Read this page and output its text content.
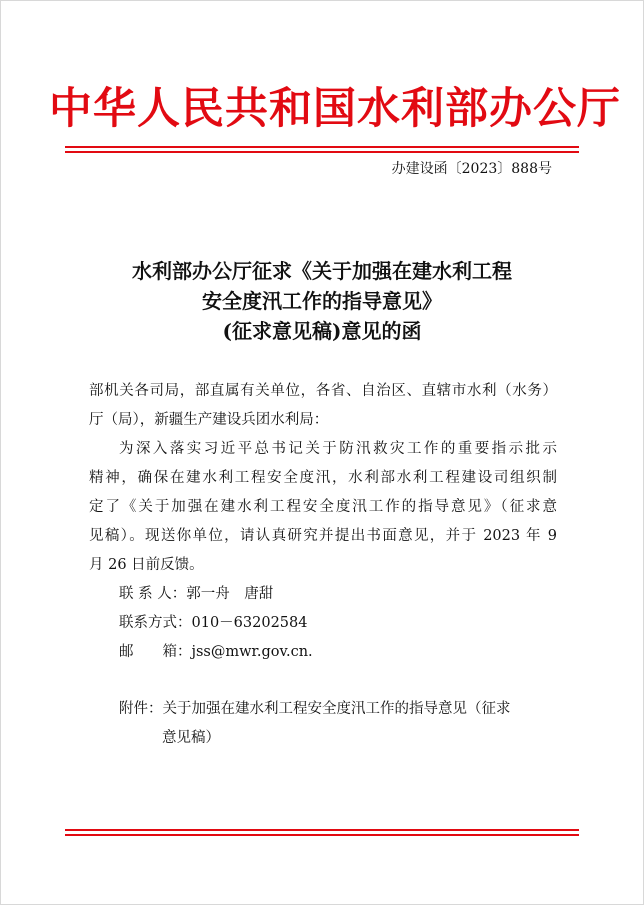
中华人民共和国水利部办公厅
办建设函〔2023〕888号
水利部办公厅征求《关于加强在建水利工程
安全度汛工作的指导意见》
(征求意见稿)意见的函
部机关各司局，部直属有关单位，各省、自治区、直辖市水利（水务）
厅（局），新疆生产建设兵团水利局：
为深入落实习近平总书记关于防汛救灾工作的重要指示批示
精神，确保在建水利工程安全度汛，水利部水利工程建设司组织制
定了《关于加强在建水利工程安全度汛工作的指导意见》（征求意
见稿）。现送你单位，请认真研究并提出书面意见，并于 2023 年 9
月 26 日前反馈。
联 系 人：郭一舟　唐甜
联系方式：010－63202584
邮　　箱：jss@mwr.gov.cn.
附件：关于加强在建水利工程安全度汛工作的指导意见（征求
意见稿）
